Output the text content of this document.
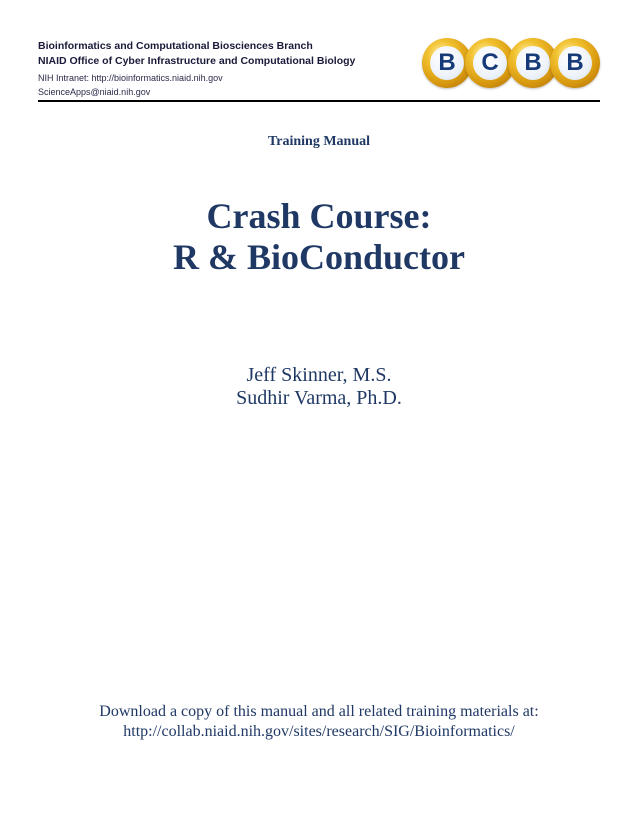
Bioinformatics and Computational Biosciences Branch
NIAID Office of Cyber Infrastructure and Computational Biology
NIH Intranet: http://bioinformatics.niaid.nih.gov
ScienceApps@niaid.nih.gov
B	C	B	B
Training Manual
Crash Course:
R & BioConductor
Jeff Skinner, M.S.
Sudhir Varma, Ph.D.
Download a copy of this manual and all related training materials at:
http://collab.niaid.nih.gov/sites/research/SIG/Bioinformatics/
